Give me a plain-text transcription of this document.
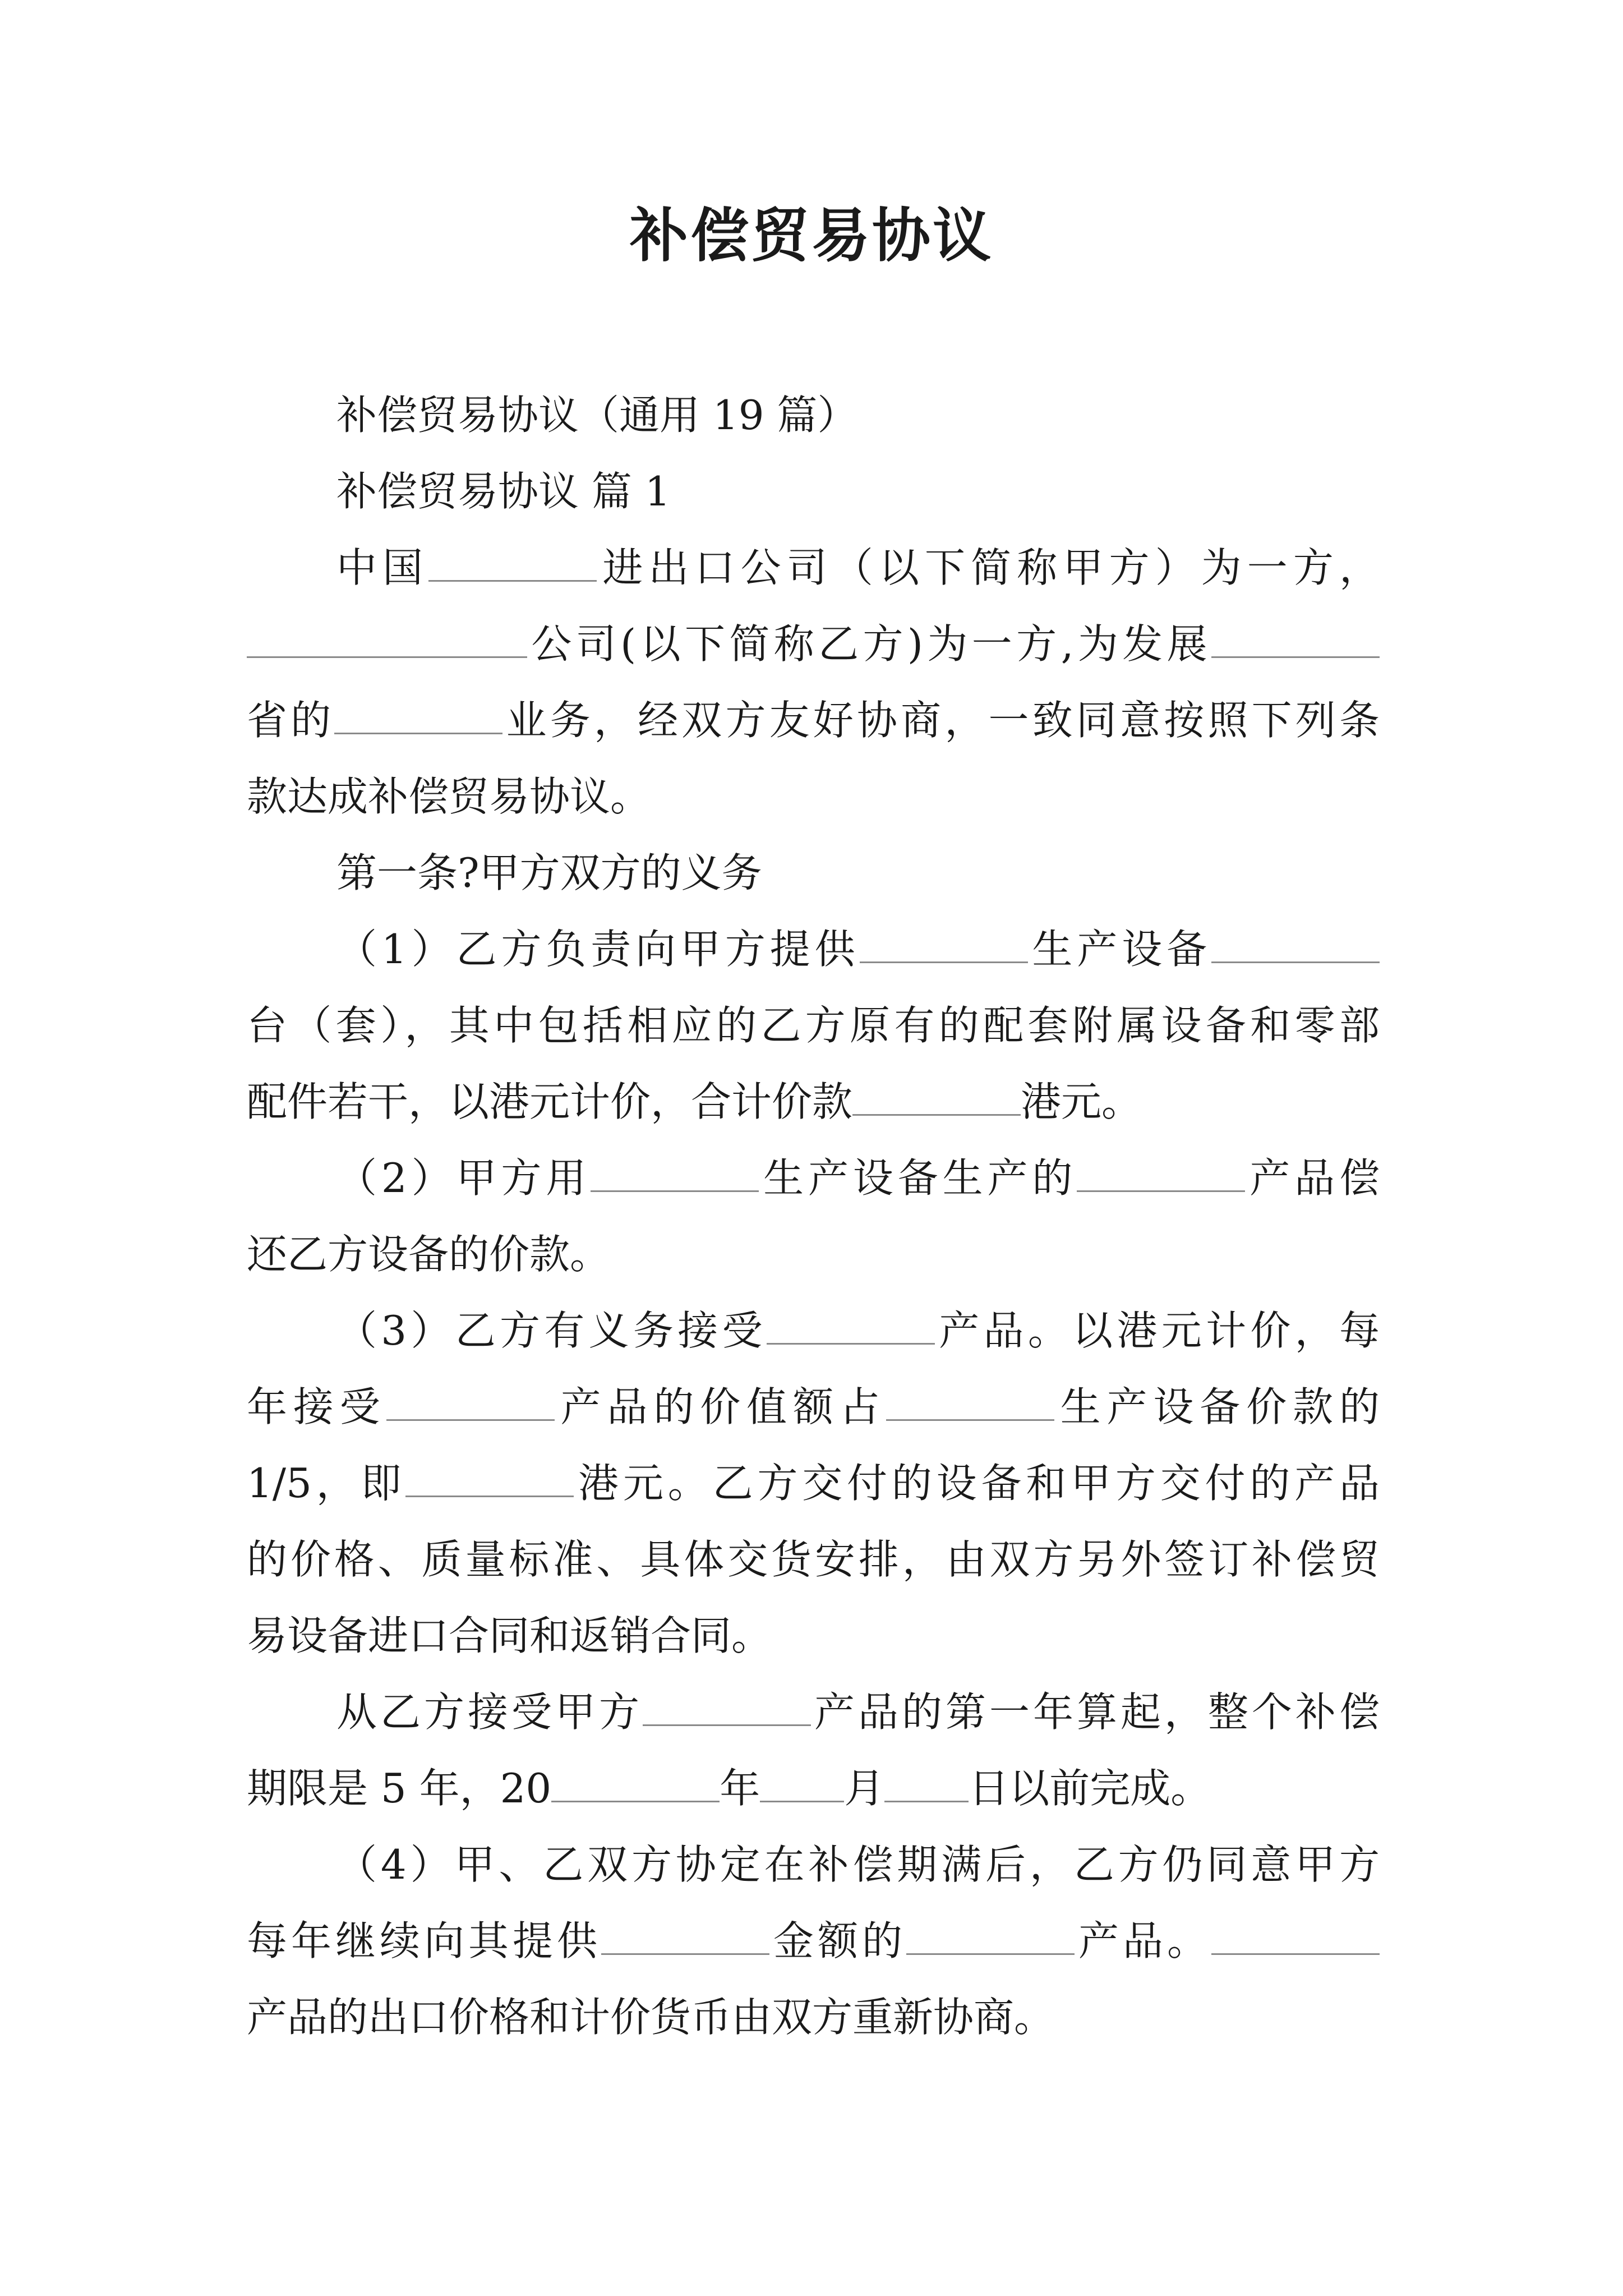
补偿贸易协议
补偿贸易协议（通用 19 篇）
补偿贸易协议 篇 1
中国	进出口公司（以下简称甲方）为一方，
公司(以下简称乙方)为一方,为发展
省的	业务，经双方友好协商，一致同意按照下列条
款达成补偿贸易协议。
第一条?甲方双方的义务
（1）乙方负责向甲方提供	生产设备
台（套），其中包括相应的乙方原有的配套附属设备和零部
配件若干，以港元计价，合计价款	港元。
（2）甲方用	生产设备生产的	产品偿
还乙方设备的价款。
（3）乙方有义务接受	产品。以港元计价，每
年接受	产品的价值额占	生产设备价款的
1/5，即	港元。乙方交付的设备和甲方交付的产品
的价格、质量标准、具体交货安排，由双方另外签订补偿贸
易设备进口合同和返销合同。
从乙方接受甲方	产品的第一年算起，整个补偿
期限是 5 年，20	年 月 日以前完成。
（4）甲、乙双方协定在补偿期满后，乙方仍同意甲方
每年继续向其提供	金额的	产品。
产品的出口价格和计价货币由双方重新协商。
